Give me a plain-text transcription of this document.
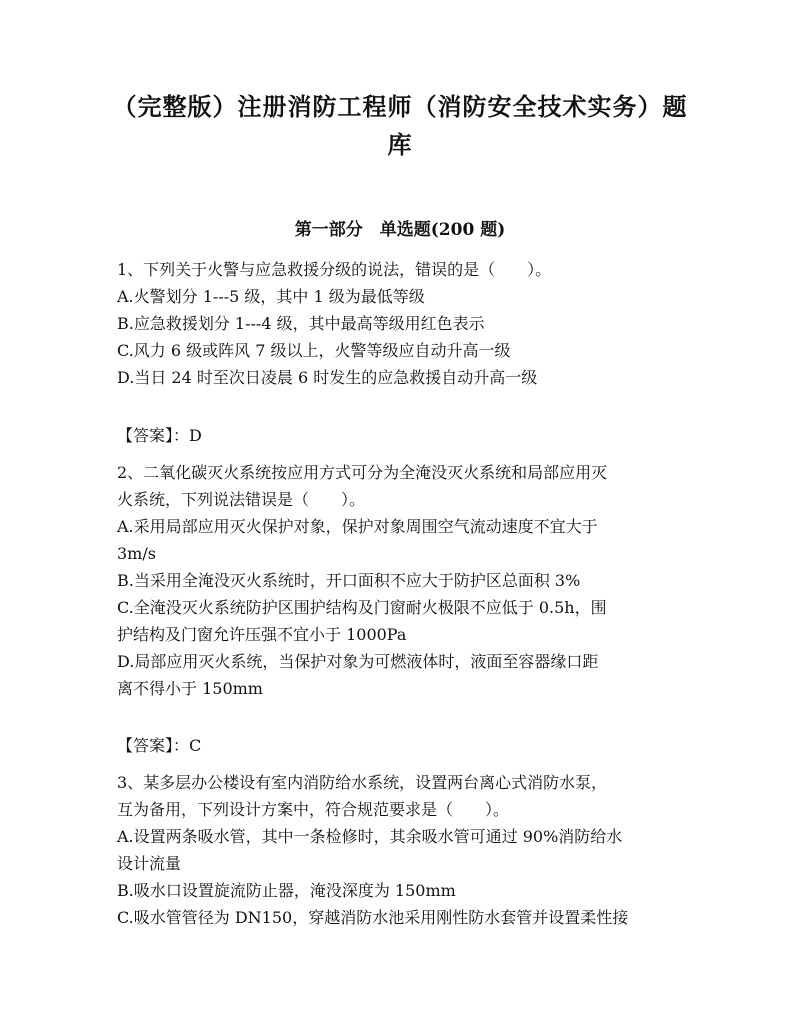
（完整版）注册消防工程师（消防安全技术实务）题
库
第一部分　单选题(200 题)
1、下列关于火警与应急救援分级的说法，错误的是（　　）。
A.火警划分 1---5 级，其中 1 级为最低等级
B.应急救援划分 1---4 级，其中最高等级用红色表示
C.风力 6 级或阵风 7 级以上，火警等级应自动升高一级
D.当日 24 时至次日凌晨 6 时发生的应急救援自动升高一级
【答案】：D
2、二氧化碳灭火系统按应用方式可分为全淹没灭火系统和局部应用灭
火系统，下列说法错误是（　　）。
A.采用局部应用灭火保护对象，保护对象周围空气流动速度不宜大于
3m/s
B.当采用全淹没灭火系统时，开口面积不应大于防护区总面积 3%
C.全淹没灭火系统防护区围护结构及门窗耐火极限不应低于 0.5h，围
护结构及门窗允许压强不宜小于 1000Pa
D.局部应用灭火系统，当保护对象为可燃液体时，液面至容器缘口距
离不得小于 150mm
【答案】：C
3、某多层办公楼设有室内消防给水系统，设置两台离心式消防水泵，
互为备用，下列设计方案中，符合规范要求是（　　）。
A.设置两条吸水管，其中一条检修时，其余吸水管可通过 90%消防给水
设计流量
B.吸水口设置旋流防止器，淹没深度为 150mm
C.吸水管管径为 DN150，穿越消防水池采用刚性防水套管并设置柔性接
